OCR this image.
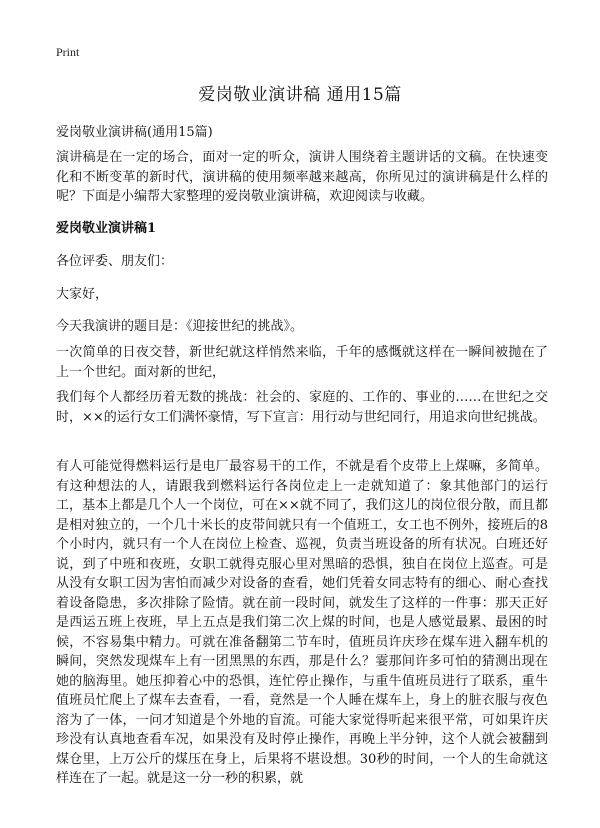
Print
爱岗敬业演讲稿 通用15篇
爱岗敬业演讲稿(通用15篇)

演讲稿是在一定的场合，面对一定的听众，演讲人围绕着主题讲话的文稿。在快速变化和不断变革的新时代，演讲稿的使用频率越来越高，你所见过的演讲稿是什么样的呢？下面是小编帮大家整理的爱岗敬业演讲稿，欢迎阅读与收藏。

爱岗敬业演讲稿1
各位评委、朋友们：
大家好，
今天我演讲的题目是：《迎接世纪的挑战》。

一次简单的日夜交替，新世纪就这样悄然来临，千年的感慨就这样在一瞬间被抛在了上一个世纪。面对新的世纪，

我们每个人都经历着无数的挑战：社会的、家庭的、工作的、事业的……在世纪之交时，××的运行女工们满怀豪情，写下宣言：用行动与世纪同行，用追求向世纪挑战。

有人可能觉得燃料运行是电厂最容易干的工作，不就是看个皮带上上煤嘛，多简单。有这种想法的人，请跟我到燃料运行各岗位走上一走就知道了：象其他部门的运行工，基本上都是几个人一个岗位，可在××就不同了，我们这儿的岗位很分散，而且都是相对独立的，一个几十米长的皮带间就只有一个值班工，女工也不例外，接班后的8个小时内，就只有一个人在岗位上检查、巡视，负责当班设备的所有状况。白班还好说，到了中班和夜班，女职工就得克服心里对黑暗的恐惧，独自在岗位上巡查。可是从没有女职工因为害怕而减少对设备的查看，她们凭着女同志特有的细心、耐心查找着设备隐患，多次排除了险情。就在前一段时间，就发生了这样的一件事：那天正好是西运五班上夜班，早上五点是我们第二次上煤的时间，也是人感觉最累、最困的时候，不容易集中精力。可就在准备翻第二节车时，值班员许庆珍在煤车进入翻车机的瞬间，突然发现煤车上有一团黑黑的东西，那是什么？霎那间许多可怕的猜测出现在她的脑海里。她压抑着心中的恐惧，连忙停止操作，与重牛值班员进行了联系，重牛值班员忙爬上了煤车去查看，一看，竟然是一个人睡在煤车上，身上的脏衣服与夜色溶为了一体，一问才知道是个外地的盲流。可能大家觉得听起来很平常，可如果许庆珍没有认真地查看车况，如果没有及时停止操作，再晚上半分钟，这个人就会被翻到煤仓里，上万公斤的煤压在身上，后果将不堪设想。30秒的时间，一个人的生命就这样连在了一起。就是这一分一秒的积累，就
